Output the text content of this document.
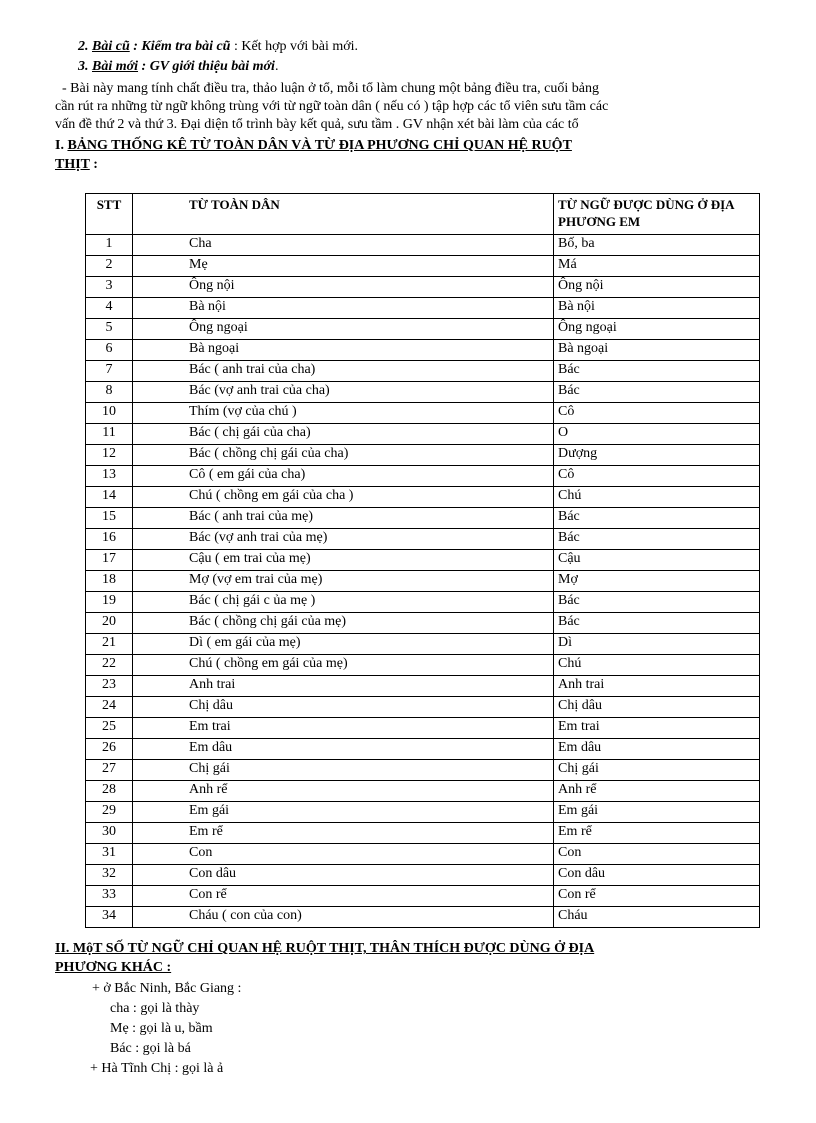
2. Bài cũ : Kiểm tra bài cũ : Kết hợp với bài mới.
3. Bài mới : GV giới thiệu bài mới.
- Bài này mang tính chất điều tra, thảo luận ở tổ, mỗi tổ làm chung một bảng điều tra, cuối bảng
cần rút ra những từ ngữ không trùng với từ ngữ toàn dân ( nếu có ) tập hợp các tổ viên sưu tầm các
vấn đề thứ 2 và thứ 3. Đại diện tổ trình bày kết quả, sưu tầm . GV nhận xét bài làm của các tổ
I. BẢNG THỐNG KÊ TỪ TOÀN DÂN VÀ TỪ ĐỊA PHƯƠNG CHỈ QUAN HỆ RUỘT
THỊT :
STT	TỪ TOÀN DÂN	TỪ NGỮ ĐƯỢC DÙNG Ở ĐỊA PHƯƠNG EM
1	Cha	Bố, ba
2	Mẹ	Má
3	Ông nội	Ông nội
4	Bà nội	Bà nội
5	Ông ngoại	Ông ngoại
6	Bà ngoại	Bà ngoại
7	Bác ( anh trai của cha)	Bác
8	Bác (vợ anh trai của cha)	Bác
10	Thím (vợ của chú )	Cô
11	Bác ( chị gái của cha)	O
12	Bác ( chồng chị gái của cha)	Dượng
13	Cô ( em gái của cha)	Cô
14	Chú ( chồng em gái của cha )	Chú
15	Bác ( anh trai của mẹ)	Bác
16	Bác (vợ anh trai của mẹ)	Bác
17	Cậu ( em trai của mẹ)	Cậu
18	Mợ (vợ em trai của mẹ)	Mợ
19	Bác ( chị gái c ủa mẹ )	Bác
20	Bác ( chồng chị gái của mẹ)	Bác
21	Dì ( em gái của mẹ)	Dì
22	Chú ( chồng em gái của mẹ)	Chú
23	Anh trai	Anh trai
24	Chị dâu	Chị dâu
25	Em trai	Em trai
26	Em dâu	Em dâu
27	Chị gái	Chị gái
28	Anh rể	Anh rể
29	Em gái	Em gái
30	Em rể	Em rể
31	Con	Con
32	Con dâu	Con dâu
33	Con rể	Con rể
34	Cháu ( con của con)	Cháu
II. MộT SỐ TỪ NGỮ CHỈ QUAN HỆ RUỘT THỊT, THÂN THÍCH ĐƯỢC DÙNG Ở ĐỊA
PHƯƠNG KHÁC :
+ ở Bắc Ninh, Bắc Giang :
cha : gọi là thày
Mẹ : gọi là u, bầm
Bác : gọi là bá
+ Hà Tĩnh Chị : gọi là ả
